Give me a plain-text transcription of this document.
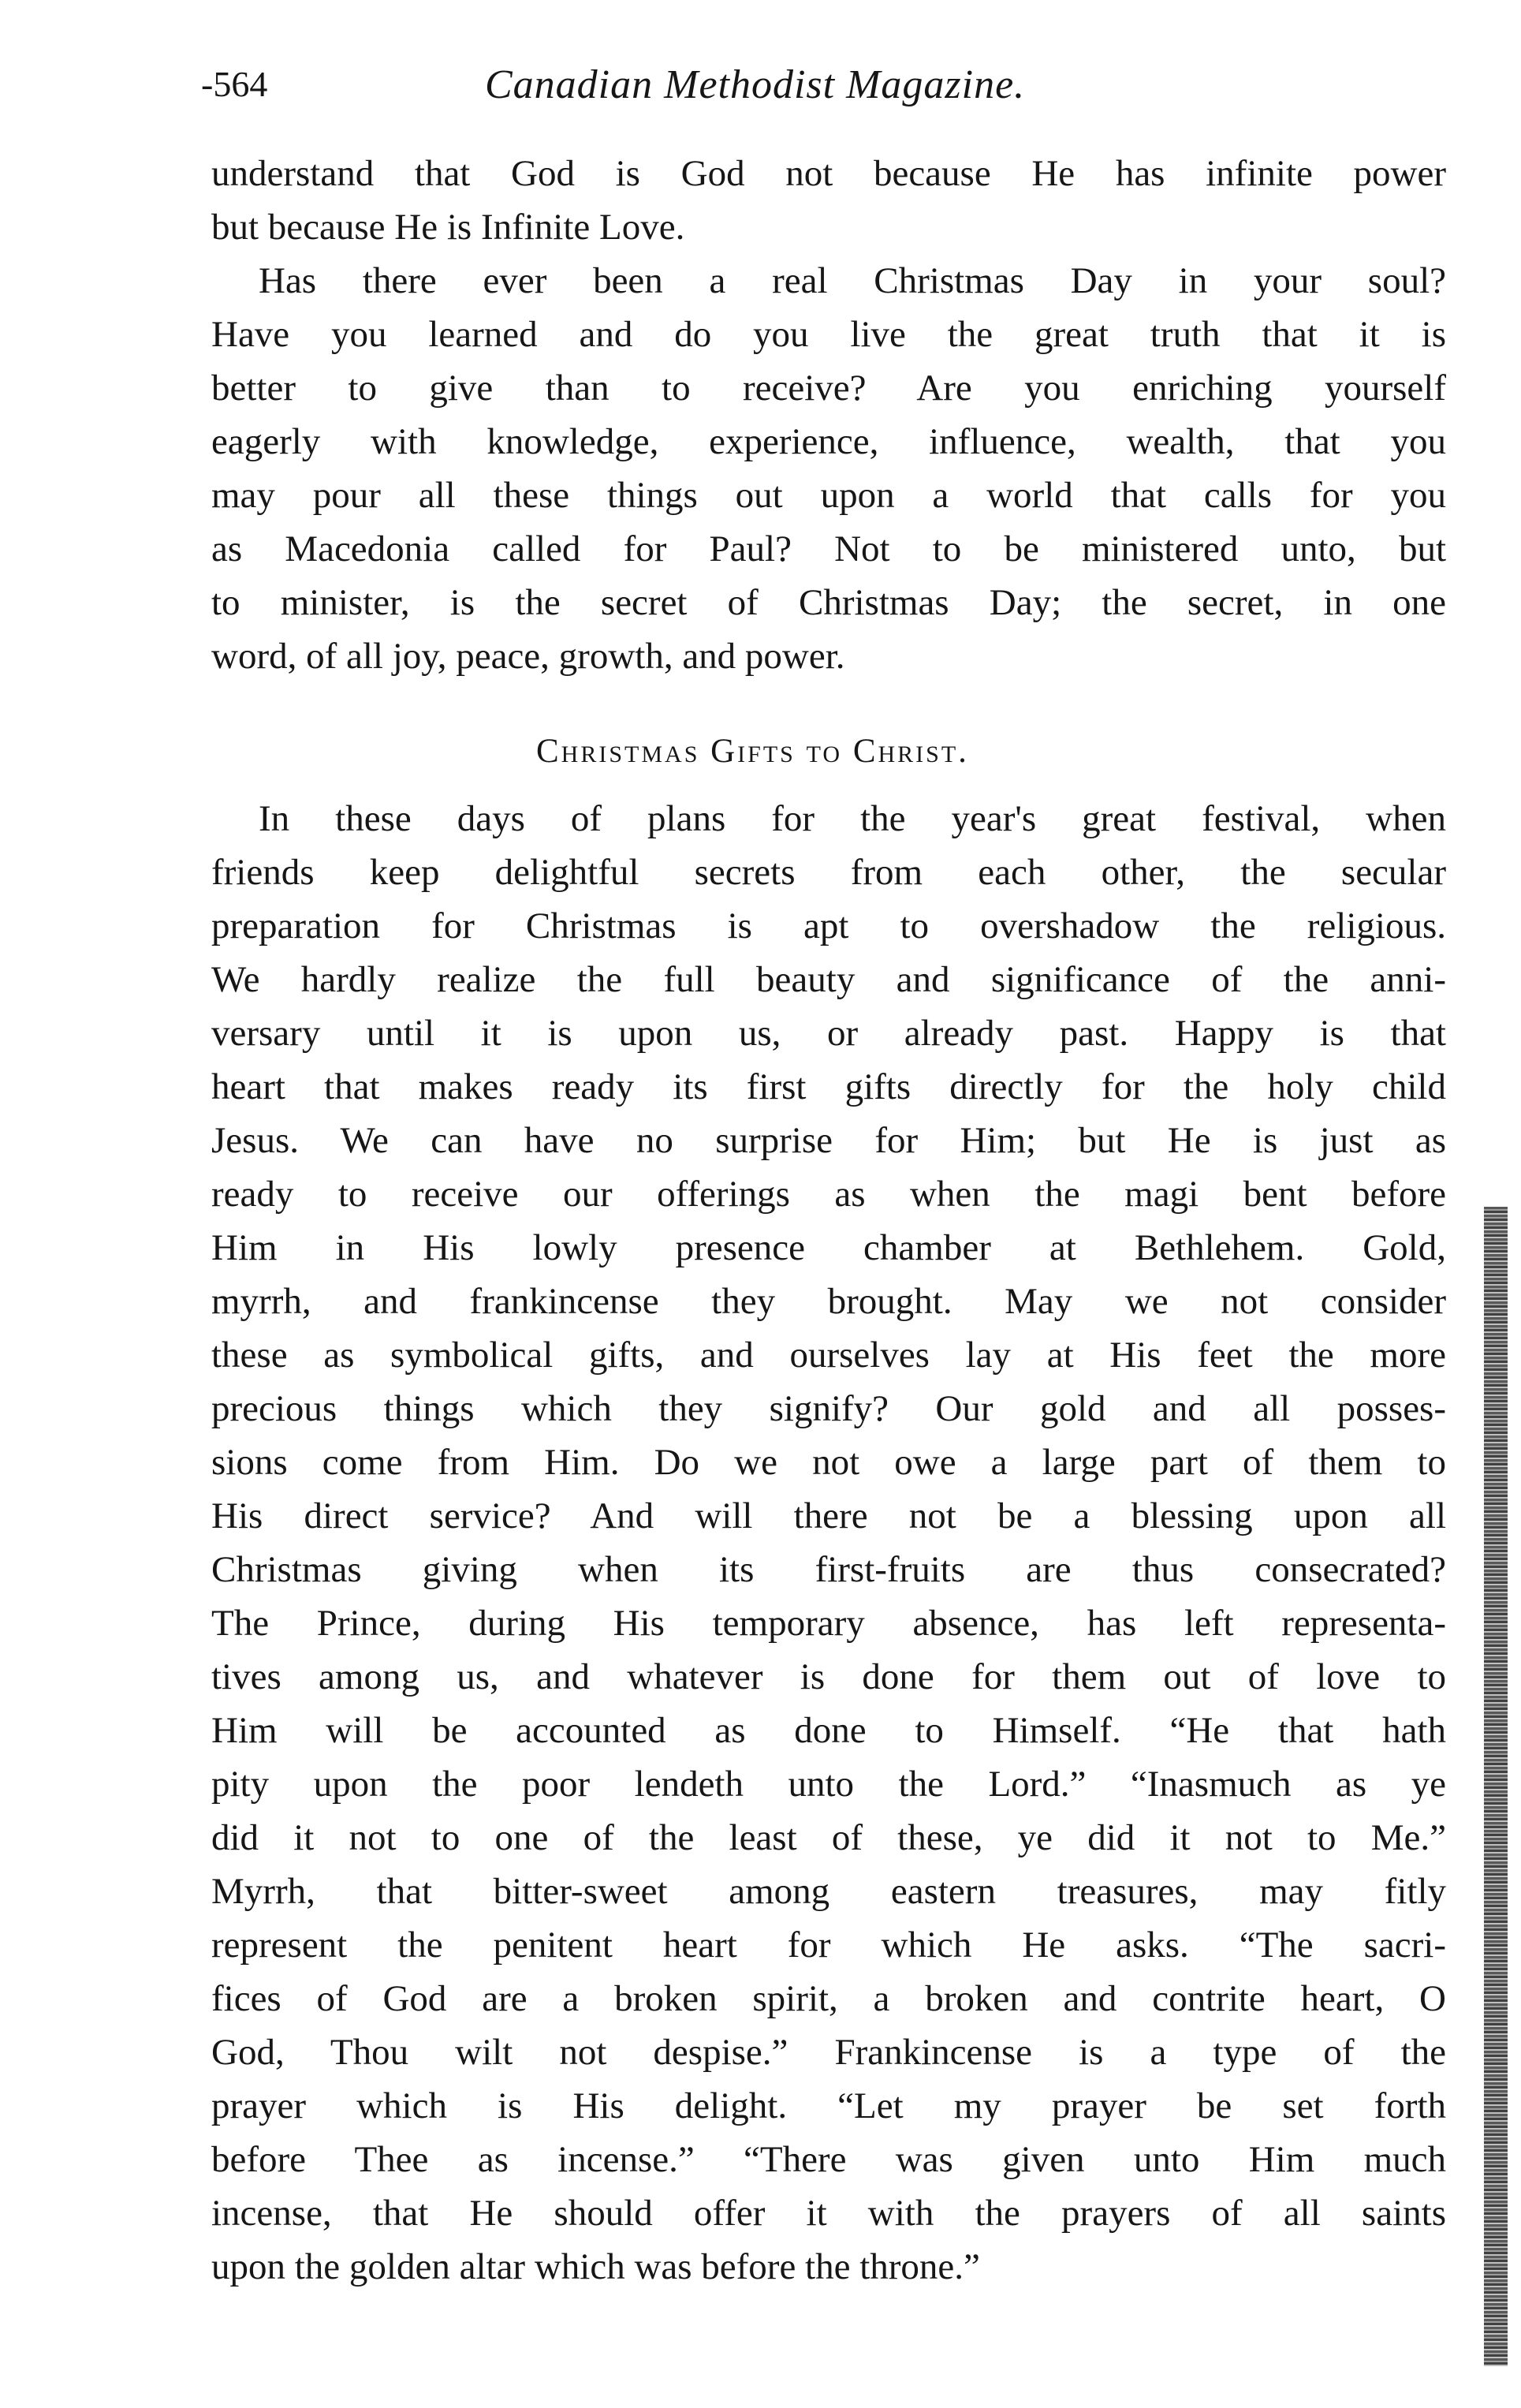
-564	Canadian Methodist Magazine.
understand that God is God not because He has infinite power
but because He is Infinite Love.
Has there ever been a real Christmas Day in your soul?
Have you learned and do you live the great truth that it is
better to give than to receive? Are you enriching yourself
eagerly with knowledge, experience, influence, wealth, that you
may pour all these things out upon a world that calls for you
as Macedonia called for Paul? Not to be ministered unto, but
to minister, is the secret of Christmas Day; the secret, in one
word, of all joy, peace, growth, and power.
Christmas Gifts to Christ.
In these days of plans for the year's great festival, when
friends keep delightful secrets from each other, the secular
preparation for Christmas is apt to overshadow the religious.
We hardly realize the full beauty and significance of the anni-
versary until it is upon us, or already past. Happy is that
heart that makes ready its first gifts directly for the holy child
Jesus. We can have no surprise for Him; but He is just as
ready to receive our offerings as when the magi bent before
Him in His lowly presence chamber at Bethlehem. Gold,
myrrh, and frankincense they brought. May we not consider
these as symbolical gifts, and ourselves lay at His feet the more
precious things which they signify? Our gold and all posses-
sions come from Him. Do we not owe a large part of them to
His direct service? And will there not be a blessing upon all
Christmas giving when its first-fruits are thus consecrated?
The Prince, during His temporary absence, has left representa-
tives among us, and whatever is done for them out of love to
Him will be accounted as done to Himself. “He that hath
pity upon the poor lendeth unto the Lord.” “Inasmuch as ye
did it not to one of the least of these, ye did it not to Me.”
Myrrh, that bitter-sweet among eastern treasures, may fitly
represent the penitent heart for which He asks. “The sacri-
fices of God are a broken spirit, a broken and contrite heart, O
God, Thou wilt not despise.” Frankincense is a type of the
prayer which is His delight. “Let my prayer be set forth
before Thee as incense.” “There was given unto Him much
incense, that He should offer it with the prayers of all saints
upon the golden altar which was before the throne.”
